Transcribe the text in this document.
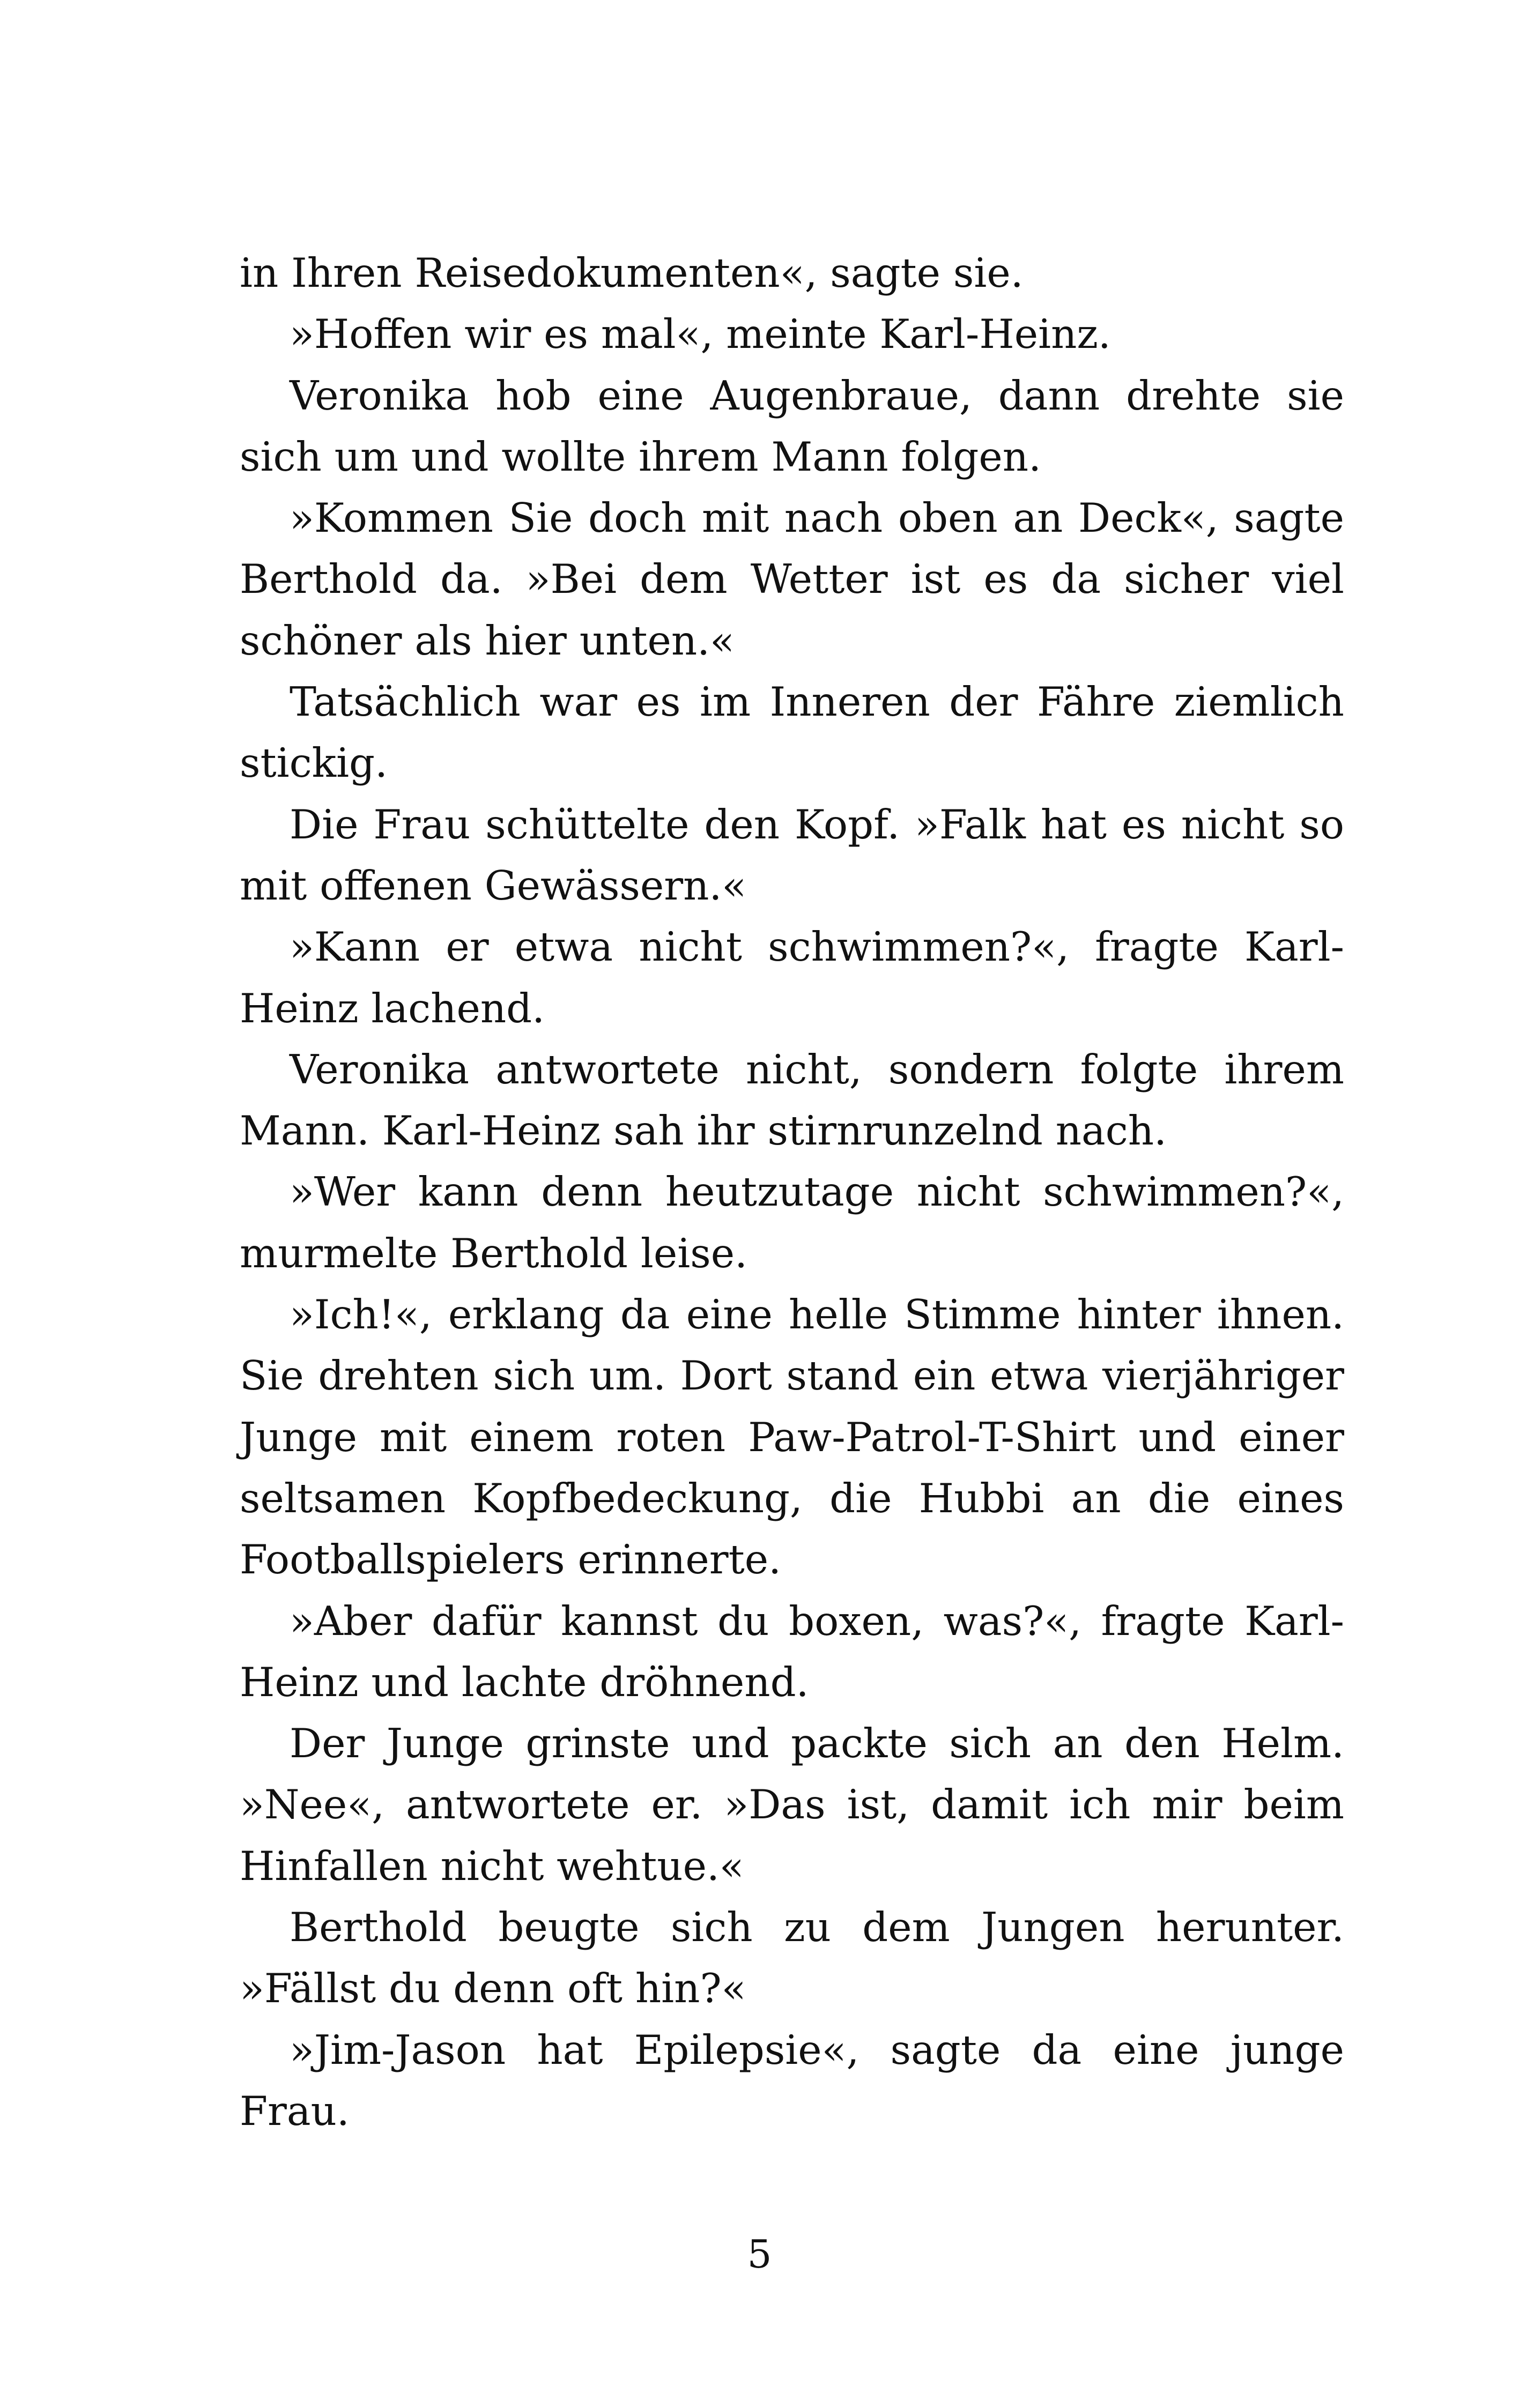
in Ihren Reisedokumenten«, sagte sie.

»Hoffen wir es mal«, meinte Karl-Heinz.

Veronika hob eine Augenbraue, dann drehte sie sich um und wollte ihrem Mann folgen.

»Kommen Sie doch mit nach oben an Deck«, sagte Berthold da. »Bei dem Wetter ist es da sicher viel schöner als hier unten.«

Tatsächlich war es im Inneren der Fähre ziemlich stickig.

Die Frau schüttelte den Kopf. »Falk hat es nicht so mit offenen Gewässern.«

»Kann er etwa nicht schwimmen?«, fragte Karl-Heinz lachend.

Veronika antwortete nicht, sondern folgte ihrem Mann. Karl-Heinz sah ihr stirnrunzelnd nach.

»Wer kann denn heutzutage nicht schwimmen?«, murmelte Berthold leise.

»Ich!«, erklang da eine helle Stimme hinter ihnen. Sie drehten sich um. Dort stand ein etwa vierjähriger Junge mit einem roten Paw-Patrol-T-Shirt und einer seltsamen Kopfbedeckung, die Hubbi an die eines Footballspielers erinnerte.

»Aber dafür kannst du boxen, was?«, fragte Karl-Heinz und lachte dröhnend.

Der Junge grinste und packte sich an den Helm. »Nee«, antwortete er. »Das ist, damit ich mir beim Hinfallen nicht wehtue.«

Berthold beugte sich zu dem Jungen herunter. »Fällst du denn oft hin?«

»Jim-Jason hat Epilepsie«, sagte da eine junge Frau.

5
